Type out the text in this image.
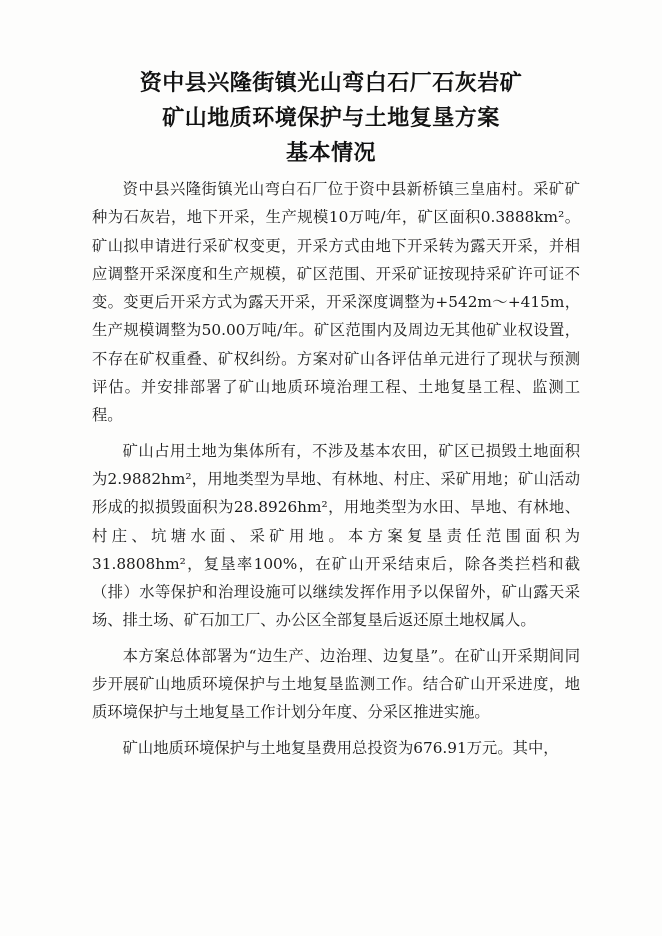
资中县兴隆街镇光山弯白石厂石灰岩矿

矿山地质环境保护与土地复垦方案

基本情况

资中县兴隆街镇光山弯白石厂位于资中县新桥镇三皇庙村。采矿矿种为石灰岩，地下开采，生产规模10万吨/年，矿区面积0.3888km²。矿山拟申请进行采矿权变更，开采方式由地下开采转为露天开采，并相应调整开采深度和生产规模，矿区范围、开采矿证按现持采矿许可证不变。变更后开采方式为露天开采，开采深度调整为+542m～+415m，生产规模调整为50.00万吨/年。矿区范围内及周边无其他矿业权设置，不存在矿权重叠、矿权纠纷。方案对矿山各评估单元进行了现状与预测评估。并安排部署了矿山地质环境治理工程、土地复垦工程、监测工程。

矿山占用土地为集体所有，不涉及基本农田，矿区已损毁土地面积为2.9882hm²，用地类型为旱地、有林地、村庄、采矿用地；矿山活动形成的拟损毁面积为28.8926hm²，用地类型为水田、旱地、有林地、村庄、坑塘水面、采矿用地。本方案复垦责任范围面积为31.8808hm²，复垦率100%，在矿山开采结束后，除各类拦档和截（排）水等保护和治理设施可以继续发挥作用予以保留外，矿山露天采场、排土场、矿石加工厂、办公区全部复垦后返还原土地权属人。

本方案总体部署为“边生产、边治理、边复垦”。在矿山开采期间同步开展矿山地质环境保护与土地复垦监测工作。结合矿山开采进度，地质环境保护与土地复垦工作计划分年度、分采区推进实施。

矿山地质环境保护与土地复垦费用总投资为676.91万元。其中，
